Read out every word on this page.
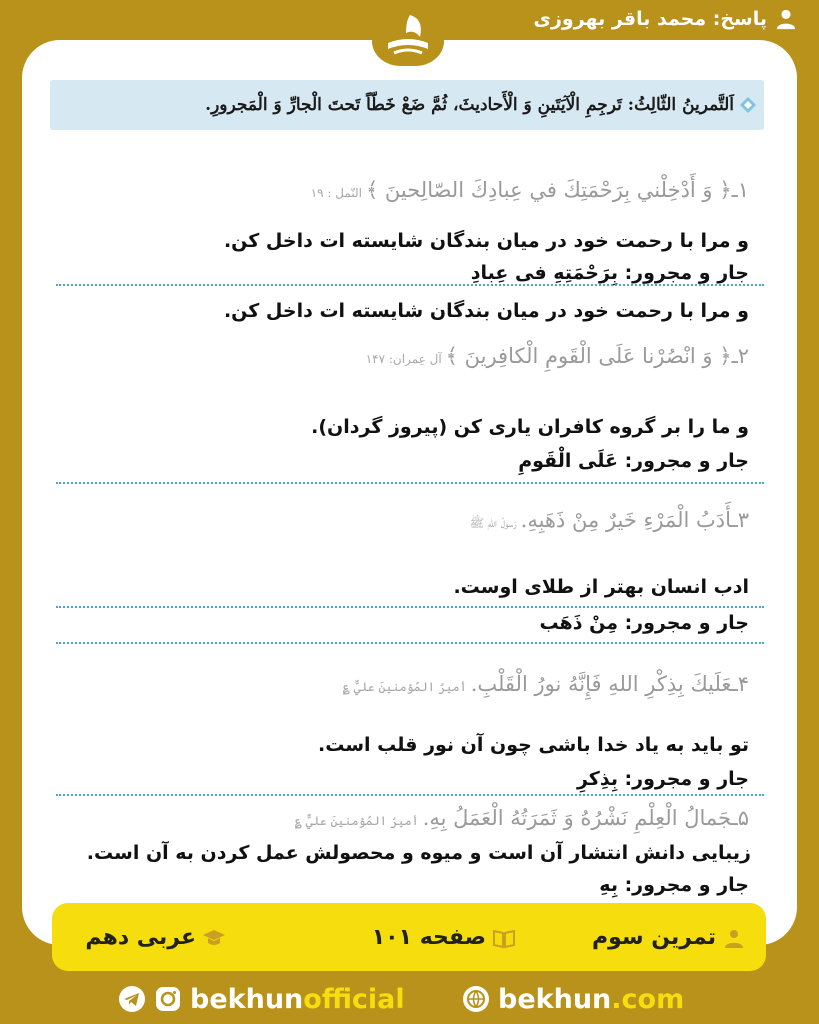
پاسخ: محمد باقر بهروزی
اَلتَّمرينُ الثّالِثُ: تَرجِمِ الْآيَتَينِ وَ الْأَحاديثَ، ثُمَّ ضَعْ خَطّاً تَحتَ الْجارِّ وَ الْمَجرورِ.
۱ـ﴿ وَ أَدْخِلْني بِرَحْمَتِكَ في عِبادِكَ الصّالِحينَ ﴾النّمل : ۱۹
و مرا با رحمت خود در میان بندگان شایسته ات داخل کن.
جار و مجرور: بِرَحْمَتِهِ فی عِبادِ
و مرا با رحمت خود در میان بندگان شایسته ات داخل کن.
۲ـ﴿ وَ انْصُرْنا عَلَى الْقَومِ الْكافِرينَ ﴾آل عِمران: ۱۴۷
و ما را بر گروه کافران یاری کن (پیروز گردان).
جار و مجرور: عَلَى الْقَومِ
۳ـأَدَبُ الْمَرْءِ خَيرٌ مِنْ ذَهَبِهِ.رَسولُ اللهِ ﷺ
ادب انسان بهتر از طلای اوست.
جار و مجرور: مِنْ ذَهَب
۴ـعَلَيكَ بِذِكْرِ اللهِ فَإِنَّهُ نورُ الْقَلْبِ.أميرُ المُؤمنينَ عليٌّ ؏
تو باید به یاد خدا باشی چون آن نور قلب است.
جار و مجرور: بِذِکرِ
۵ـجَمالُ الْعِلْمِ نَشْرُهُ وَ ثَمَرَتُهُ الْعَمَلُ بِهِ.أميرُ المُؤمنينَ عليٌّ ؏
زیبایی دانش انتشار آن است و میوه و محصولش عمل کردن به آن است.
جار و مجرور: بِهِ
تمرین سوم
صفحه ۱۰۱
عربی دهم
bekhunofficial	bekhun.com
